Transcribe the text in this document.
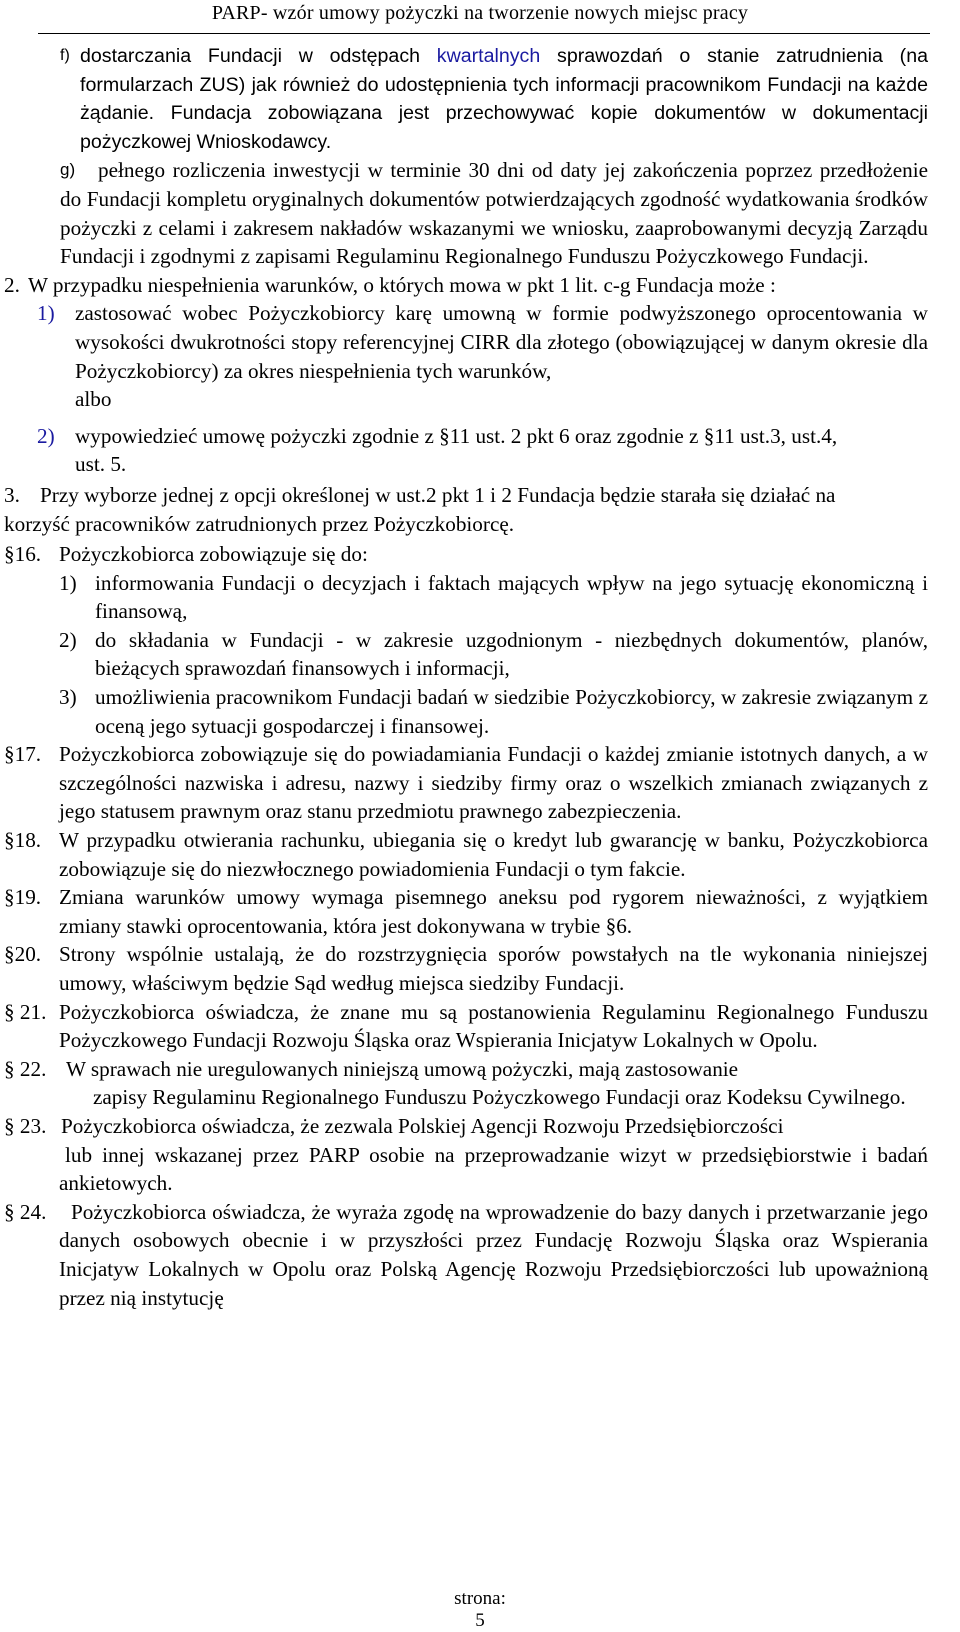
PARP- wzór umowy pożyczki na tworzenie nowych miejsc pracy
f) dostarczania Fundacji w odstępach kwartalnych sprawozdań o stanie zatrudnienia (na formularzach ZUS) jak również do udostępnienia tych informacji pracownikom Fundacji na każde żądanie. Fundacja zobowiązana jest przechowywać kopie dokumentów w dokumentacji pożyczkowej Wnioskodawcy.
g)	pełnego rozliczenia inwestycji w terminie 30 dni od daty jej zakończenia poprzez przedłożenie do Fundacji kompletu oryginalnych dokumentów potwierdzających zgodność wydatkowania środków pożyczki z celami i zakresem nakładów wskazanymi we wniosku, zaaprobowanymi decyzją Zarządu Fundacji i zgodnymi z zapisami Regulaminu Regionalnego Funduszu Pożyczkowego Fundacji.
2. W przypadku niespełnienia warunków, o których mowa w pkt 1 lit. c-g Fundacja może :
1) zastosować wobec Pożyczkobiorcy karę umowną w formie podwyższonego oprocentowania w wysokości dwukrotności stopy referencyjnej CIRR dla złotego (obowiązującej w danym okresie dla Pożyczkobiorcy) za okres niespełnienia tych warunków,
albo
2) wypowiedzieć umowę pożyczki zgodnie z §11 ust. 2 pkt 6 oraz zgodnie z §11 ust.3, ust.4, ust. 5.
3. Przy wyborze jednej z opcji określonej w ust.2 pkt 1 i 2 Fundacja będzie starała się działać na korzyść pracowników zatrudnionych przez Pożyczkobiorcę.
§16. Pożyczkobiorca zobowiązuje się do:
1) informowania Fundacji o decyzjach i faktach mających wpływ na jego sytuację ekonomiczną i finansową,
2) do składania w Fundacji - w zakresie uzgodnionym - niezbędnych dokumentów, planów, bieżących sprawozdań finansowych i informacji,
3) umożliwienia pracownikom Fundacji badań w siedzibie Pożyczkobiorcy, w zakresie związanym z oceną jego sytuacji gospodarczej i finansowej.
§17. Pożyczkobiorca zobowiązuje się do powiadamiania Fundacji o każdej zmianie istotnych danych, a w szczególności nazwiska i adresu, nazwy i siedziby firmy oraz o wszelkich zmianach związanych z jego statusem prawnym oraz stanu przedmiotu prawnego zabezpieczenia.
§18. W przypadku otwierania rachunku, ubiegania się o kredyt lub gwarancję w banku, Pożyczkobiorca zobowiązuje się do niezwłocznego powiadomienia Fundacji o tym fakcie.
§19. Zmiana warunków umowy wymaga pisemnego aneksu pod rygorem nieważności, z wyjątkiem zmiany stawki oprocentowania, która jest dokonywana w trybie §6.
§20. Strony wspólnie ustalają, że do rozstrzygnięcia sporów powstałych na tle wykonania niniejszej umowy, właściwym będzie Sąd według miejsca siedziby Fundacji.
§ 21. Pożyczkobiorca oświadcza, że znane mu są postanowienia Regulaminu Regionalnego Funduszu Pożyczkowego Fundacji Rozwoju Śląska oraz Wspierania Inicjatyw Lokalnych w Opolu.
§ 22. W sprawach nie uregulowanych niniejszą umową pożyczki, mają zastosowanie
zapisy Regulaminu Regionalnego Funduszu Pożyczkowego Fundacji oraz Kodeksu Cywilnego.
§ 23. Pożyczkobiorca oświadcza, że zezwala Polskiej Agencji Rozwoju Przedsiębiorczości
lub innej wskazanej przez PARP osobie na przeprowadzanie wizyt w przedsiębiorstwie i badań ankietowych.
§ 24. Pożyczkobiorca oświadcza, że wyraża zgodę na wprowadzenie do bazy danych i przetwarzanie jego danych osobowych obecnie i w przyszłości przez Fundację Rozwoju Śląska oraz Wspierania Inicjatyw Lokalnych w Opolu oraz Polską Agencję Rozwoju Przedsiębiorczości lub upoważnioną przez nią instytucję
strona:
5
